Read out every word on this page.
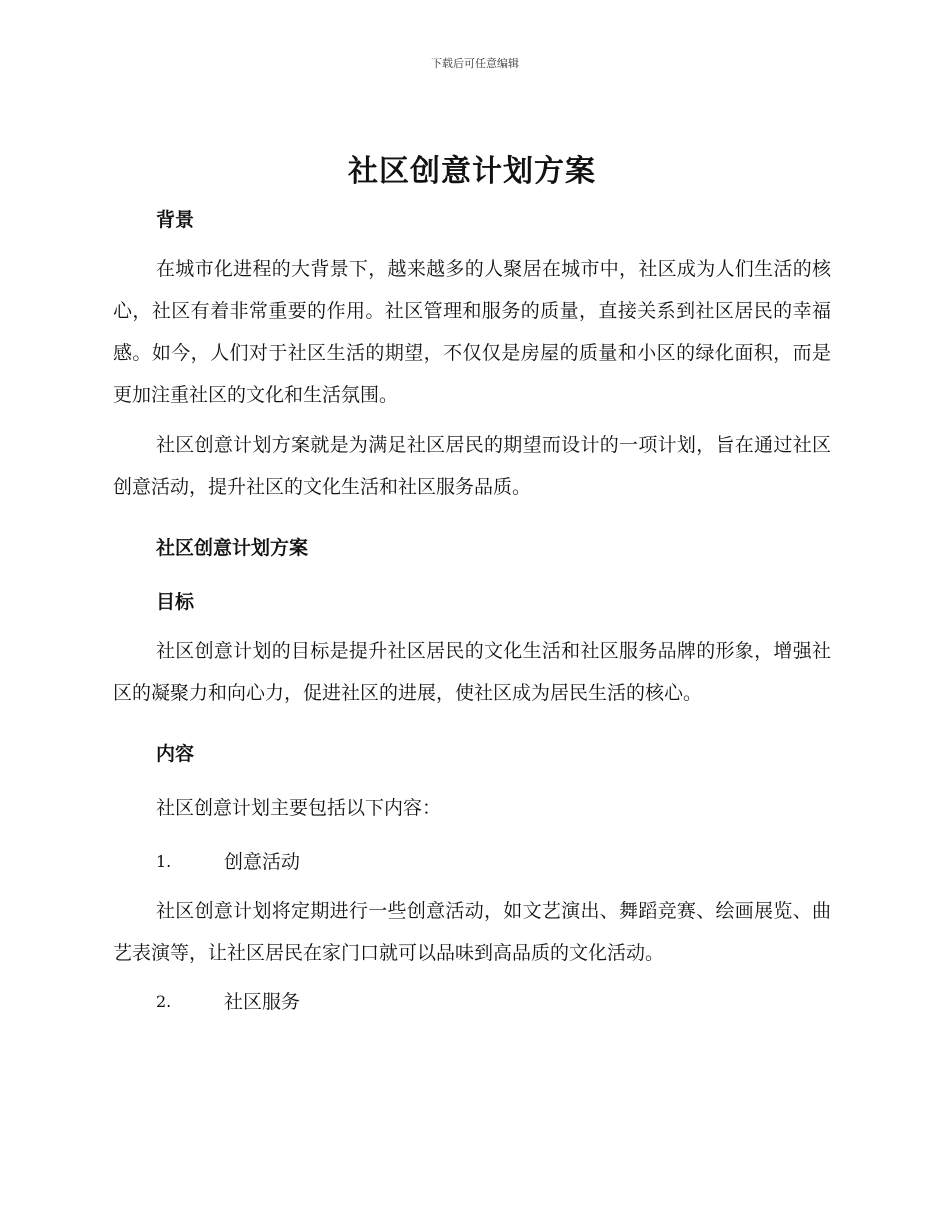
下载后可任意编辑
社区创意计划方案
背景

在城市化进程的大背景下，越来越多的人聚居在城市中，社区成为人们生活的核心，社区有着非常重要的作用。社区管理和服务的质量，直接关系到社区居民的幸福感。如今，人们对于社区生活的期望，不仅仅是房屋的质量和小区的绿化面积，而是更加注重社区的文化和生活氛围。

社区创意计划方案就是为满足社区居民的期望而设计的一项计划，旨在通过社区创意活动，提升社区的文化生活和社区服务品质。

社区创意计划方案
目标

社区创意计划的目标是提升社区居民的文化生活和社区服务品牌的形象，增强社区的凝聚力和向心力，促进社区的进展，使社区成为居民生活的核心。

内容

社区创意计划主要包括以下内容：

1.	创意活动

社区创意计划将定期进行一些创意活动，如文艺演出、舞蹈竞赛、绘画展览、曲艺表演等，让社区居民在家门口就可以品味到高品质的文化活动。

2.	社区服务
